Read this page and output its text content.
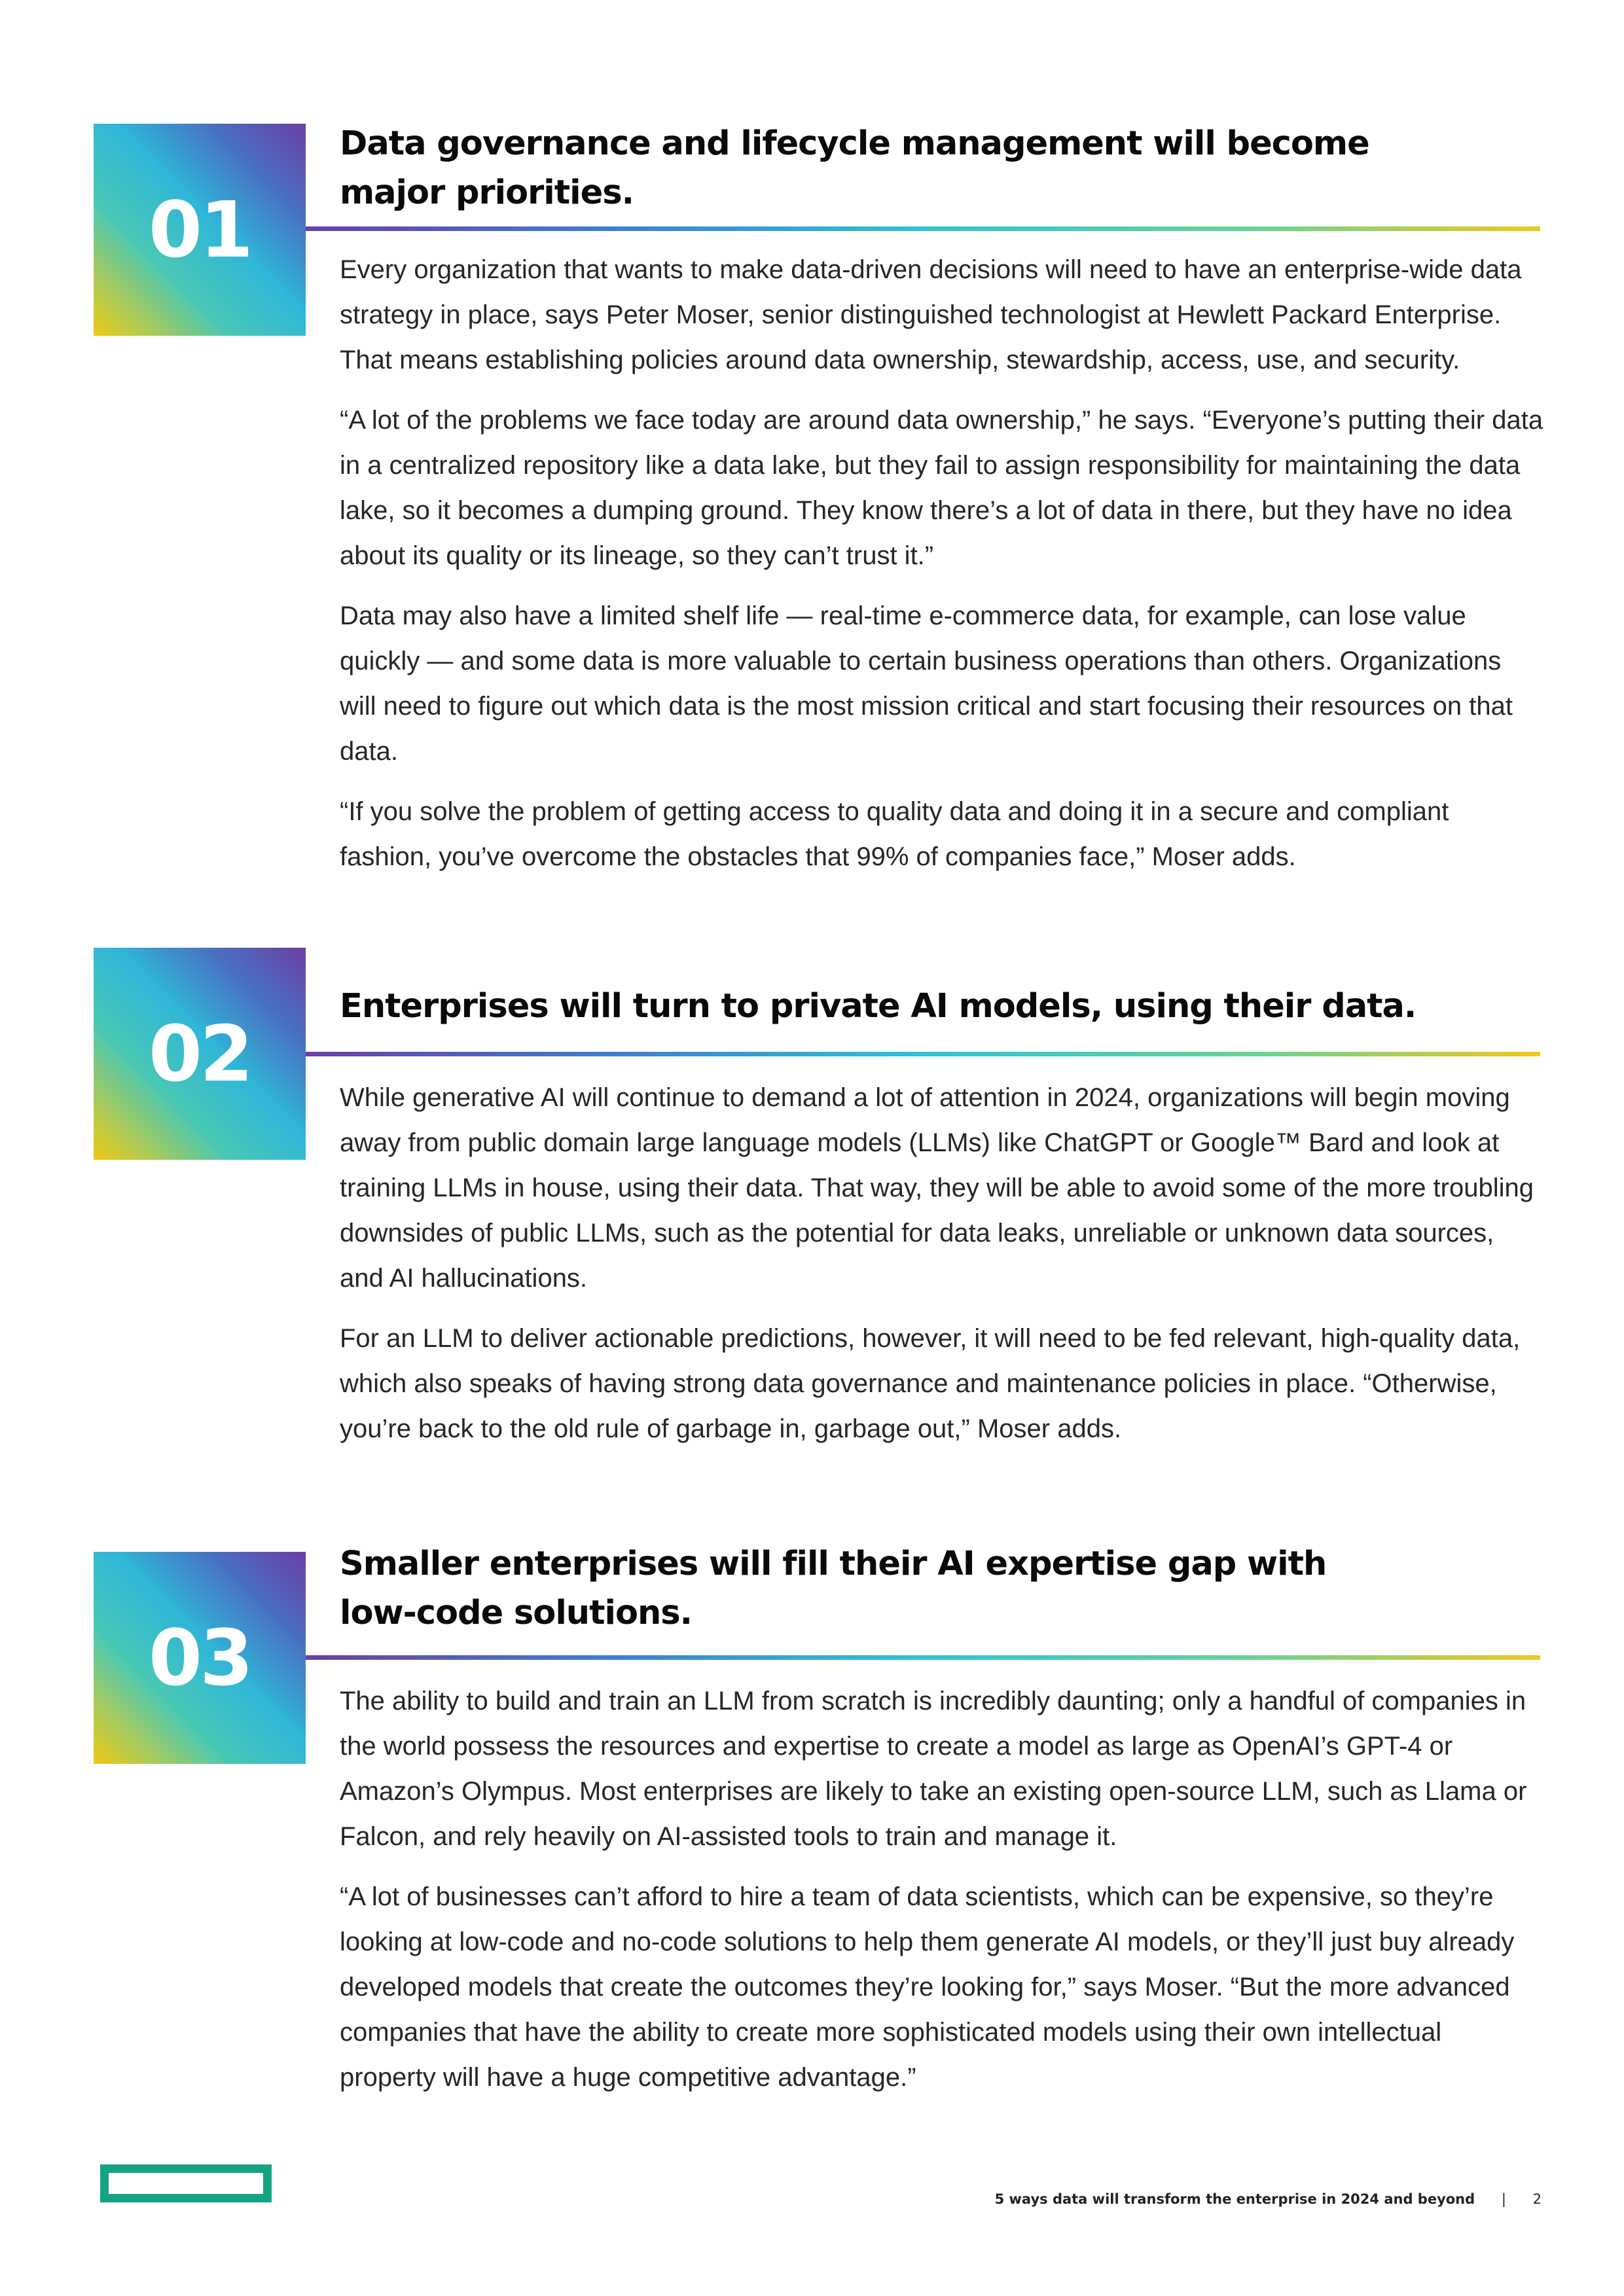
01
Data governance and lifecycle management will become
major priorities.

Every organization that wants to make data-driven decisions will need to have an enterprise-wide data strategy in place, says Peter Moser, senior distinguished technologist at Hewlett Packard Enterprise. That means establishing policies around data ownership, stewardship, access, use, and security.

“A lot of the problems we face today are around data ownership,” he says. “Everyone’s putting their data in a centralized repository like a data lake, but they fail to assign responsibility for maintaining the data lake, so it becomes a dumping ground. They know there’s a lot of data in there, but they have no idea about its quality or its lineage, so they can’t trust it.”

Data may also have a limited shelf life — real-time e-commerce data, for example, can lose value quickly — and some data is more valuable to certain business operations than others. Organizations will need to figure out which data is the most mission critical and start focusing their resources on that data.

“If you solve the problem of getting access to quality data and doing it in a secure and compliant fashion, you’ve overcome the obstacles that 99% of companies face,” Moser adds.

02
Enterprises will turn to private AI models, using their data.

While generative AI will continue to demand a lot of attention in 2024, organizations will begin moving away from public domain large language models (LLMs) like ChatGPT or Google™ Bard and look at training LLMs in house, using their data. That way, they will be able to avoid some of the more troubling downsides of public LLMs, such as the potential for data leaks, unreliable or unknown data sources, and AI hallucinations.

For an LLM to deliver actionable predictions, however, it will need to be fed relevant, high-quality data, which also speaks of having strong data governance and maintenance policies in place. “Otherwise, you’re back to the old rule of garbage in, garbage out,” Moser adds.

03
Smaller enterprises will fill their AI expertise gap with
low-code solutions.

The ability to build and train an LLM from scratch is incredibly daunting; only a handful of companies in the world possess the resources and expertise to create a model as large as OpenAI’s GPT-4 or Amazon’s Olympus. Most enterprises are likely to take an existing open-source LLM, such as Llama or Falcon, and rely heavily on AI-assisted tools to train and manage it.

“A lot of businesses can’t afford to hire a team of data scientists, which can be expensive, so they’re looking at low-code and no-code solutions to help them generate AI models, or they’ll just buy already developed models that create the outcomes they’re looking for,” says Moser. “But the more advanced companies that have the ability to create more sophisticated models using their own intellectual property will have a huge competitive advantage.”

5 ways data will transform the enterprise in 2024 and beyond | 2
